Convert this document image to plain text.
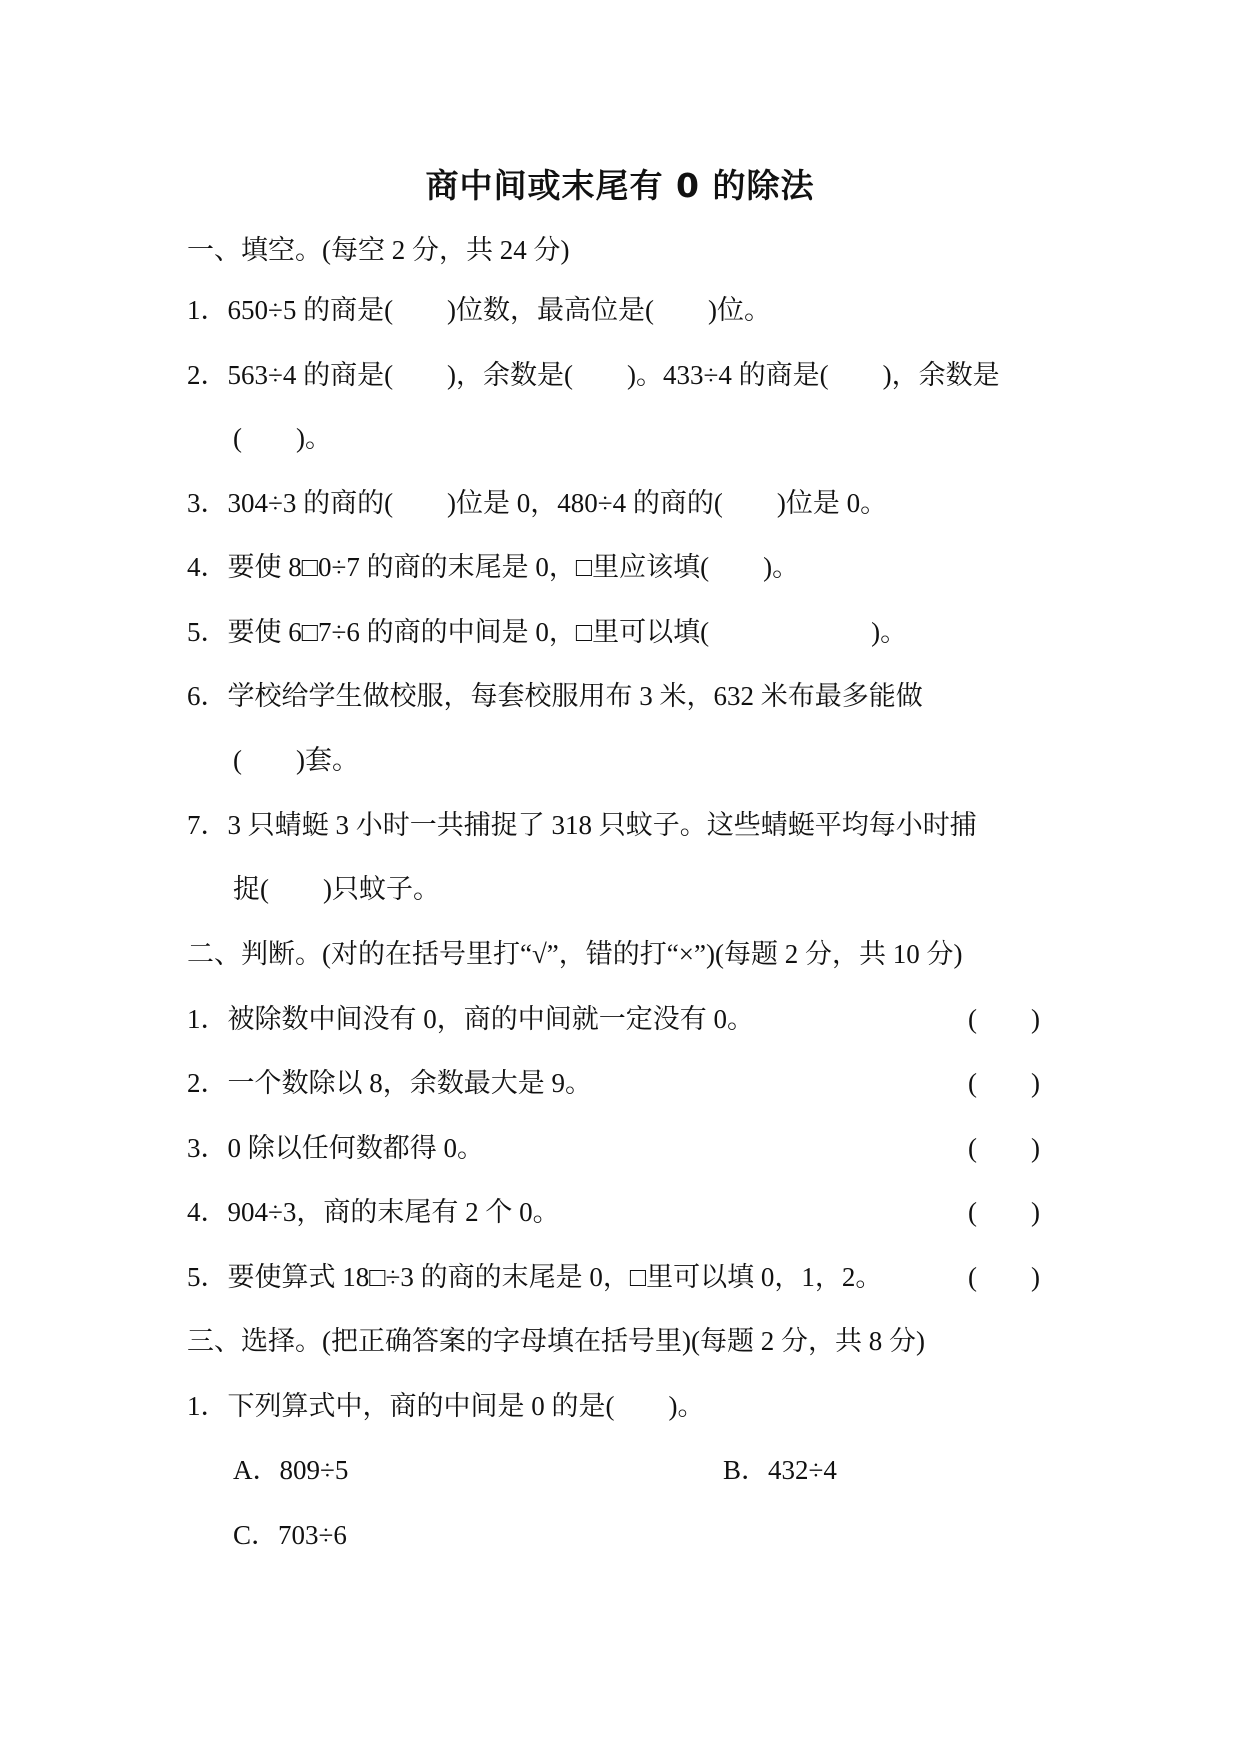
商中间或末尾有 0 的除法
一、填空。(每空 2 分，共 24 分)
1．650÷5 的商是(        )位数，最高位是(        )位。
2．563÷4 的商是(        )，余数是(        )。433÷4 的商是(        )，余数是
(        )。
3．304÷3 的商的(        )位是 0，480÷4 的商的(        )位是 0。
4．要使 8□0÷7 的商的末尾是 0，□里应该填(        )。
5．要使 6□7÷6 的商的中间是 0，□里可以填(                        )。
6．学校给学生做校服，每套校服用布 3 米，632 米布最多能做
(        )套。
7．3 只蜻蜓 3 小时一共捕捉了 318 只蚊子。这些蜻蜓平均每小时捕
捉(        )只蚊子。
二、判断。(对的在括号里打“√”，错的打“×”)(每题 2 分，共 10 分)
1．被除数中间没有 0，商的中间就一定没有 0。	(        )
2．一个数除以 8，余数最大是 9。	(        )
3．0 除以任何数都得 0。	(        )
4．904÷3，商的末尾有 2 个 0。	(        )
5．要使算式 18□÷3 的商的末尾是 0，□里可以填 0，1，2。	(        )
三、选择。(把正确答案的字母填在括号里)(每题 2 分，共 8 分)
1．下列算式中，商的中间是 0 的是(        )。
A．809÷5	B．432÷4
C．703÷6
